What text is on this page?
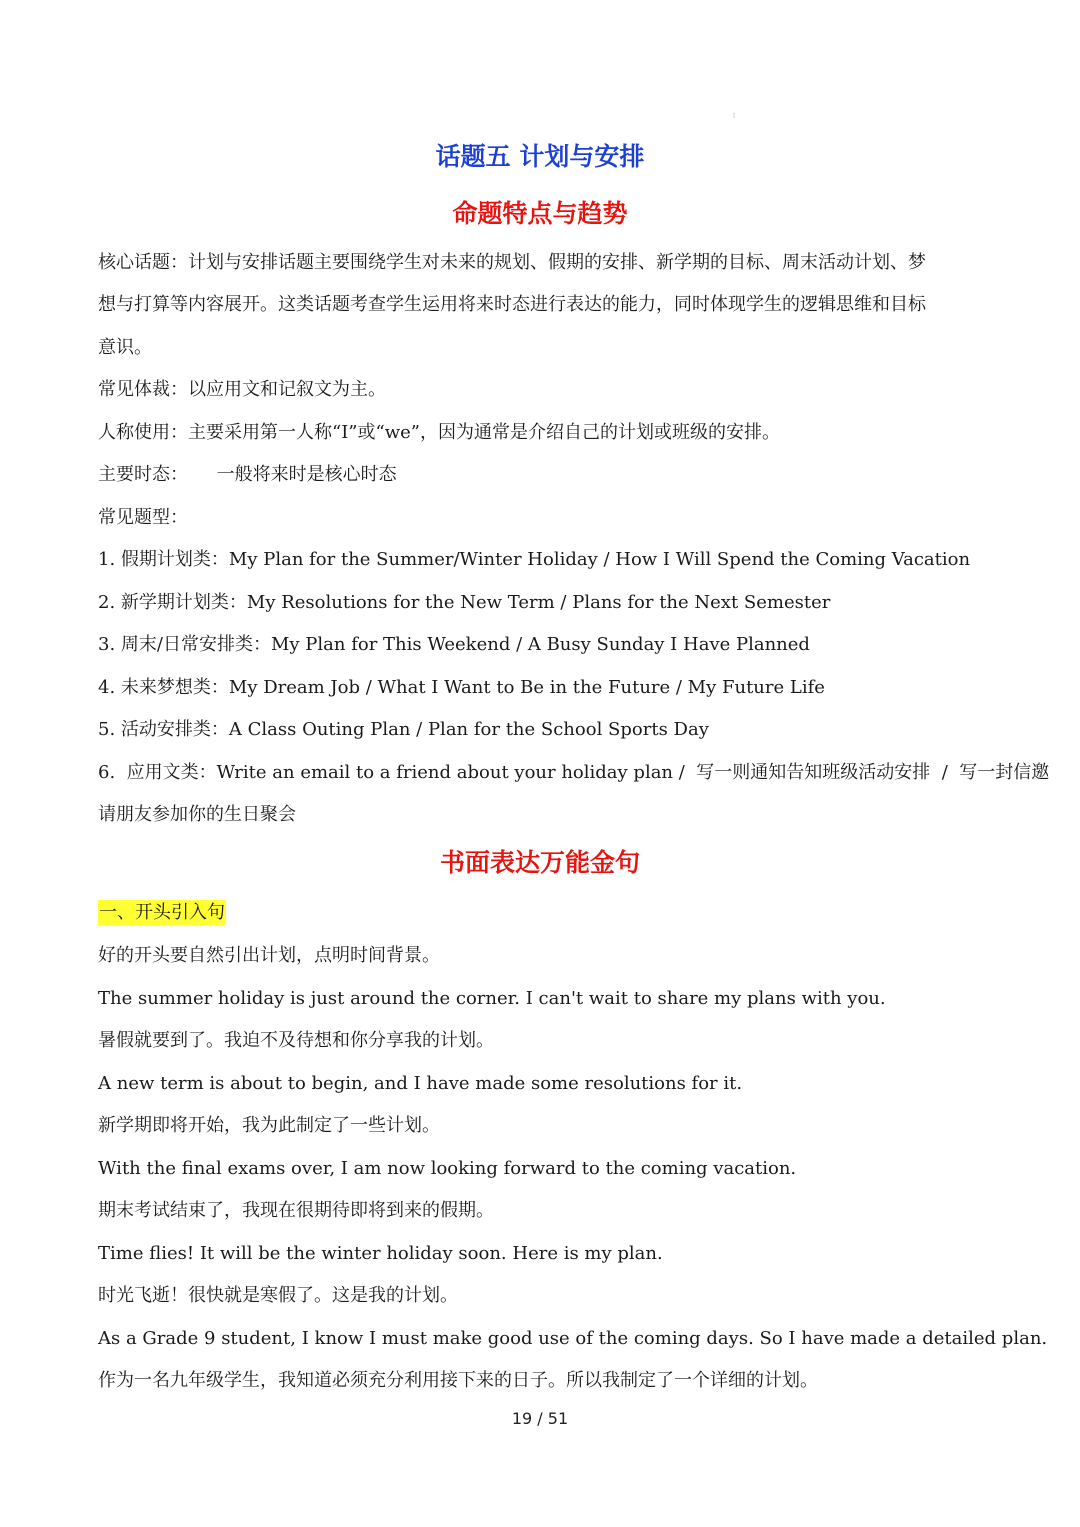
¦
话题五 计划与安排
命题特点与趋势
核心话题：计划与安排话题主要围绕学生对未来的规划、假期的安排、新学期的目标、周末活动计划、梦
想与打算等内容展开。这类话题考查学生运用将来时态进行表达的能力，同时体现学生的逻辑思维和目标
意识。
常见体裁：以应用文和记叙文为主。
人称使用：主要采用第一人称“I”或“we”，因为通常是介绍自己的计划或班级的安排。
主要时态：     一般将来时是核心时态
常见题型：
1. 假期计划类：My Plan for the Summer/Winter Holiday / How I Will Spend the Coming Vacation
2. 新学期计划类：My Resolutions for the New Term / Plans for the Next Semester
3. 周末/日常安排类：My Plan for This Weekend / A Busy Sunday I Have Planned
4. 未来梦想类：My Dream Job / What I Want to Be in the Future / My Future Life
5. 活动安排类：A Class Outing Plan / Plan for the School Sports Day
6.  应用文类：Write an email to a friend about your holiday plan /  写一则通知告知班级活动安排  /  写一封信邀
请朋友参加你的生日聚会
书面表达万能金句
一、开头引入句
好的开头要自然引出计划，点明时间背景。
The summer holiday is just around the corner. I can't wait to share my plans with you.
暑假就要到了。我迫不及待想和你分享我的计划。
A new term is about to begin, and I have made some resolutions for it.
新学期即将开始，我为此制定了一些计划。
With the final exams over, I am now looking forward to the coming vacation.
期末考试结束了，我现在很期待即将到来的假期。
Time flies! It will be the winter holiday soon. Here is my plan.
时光飞逝！很快就是寒假了。这是我的计划。
As a Grade 9 student, I know I must make good use of the coming days. So I have made a detailed plan.
作为一名九年级学生，我知道必须充分利用接下来的日子。所以我制定了一个详细的计划。
19 / 51
